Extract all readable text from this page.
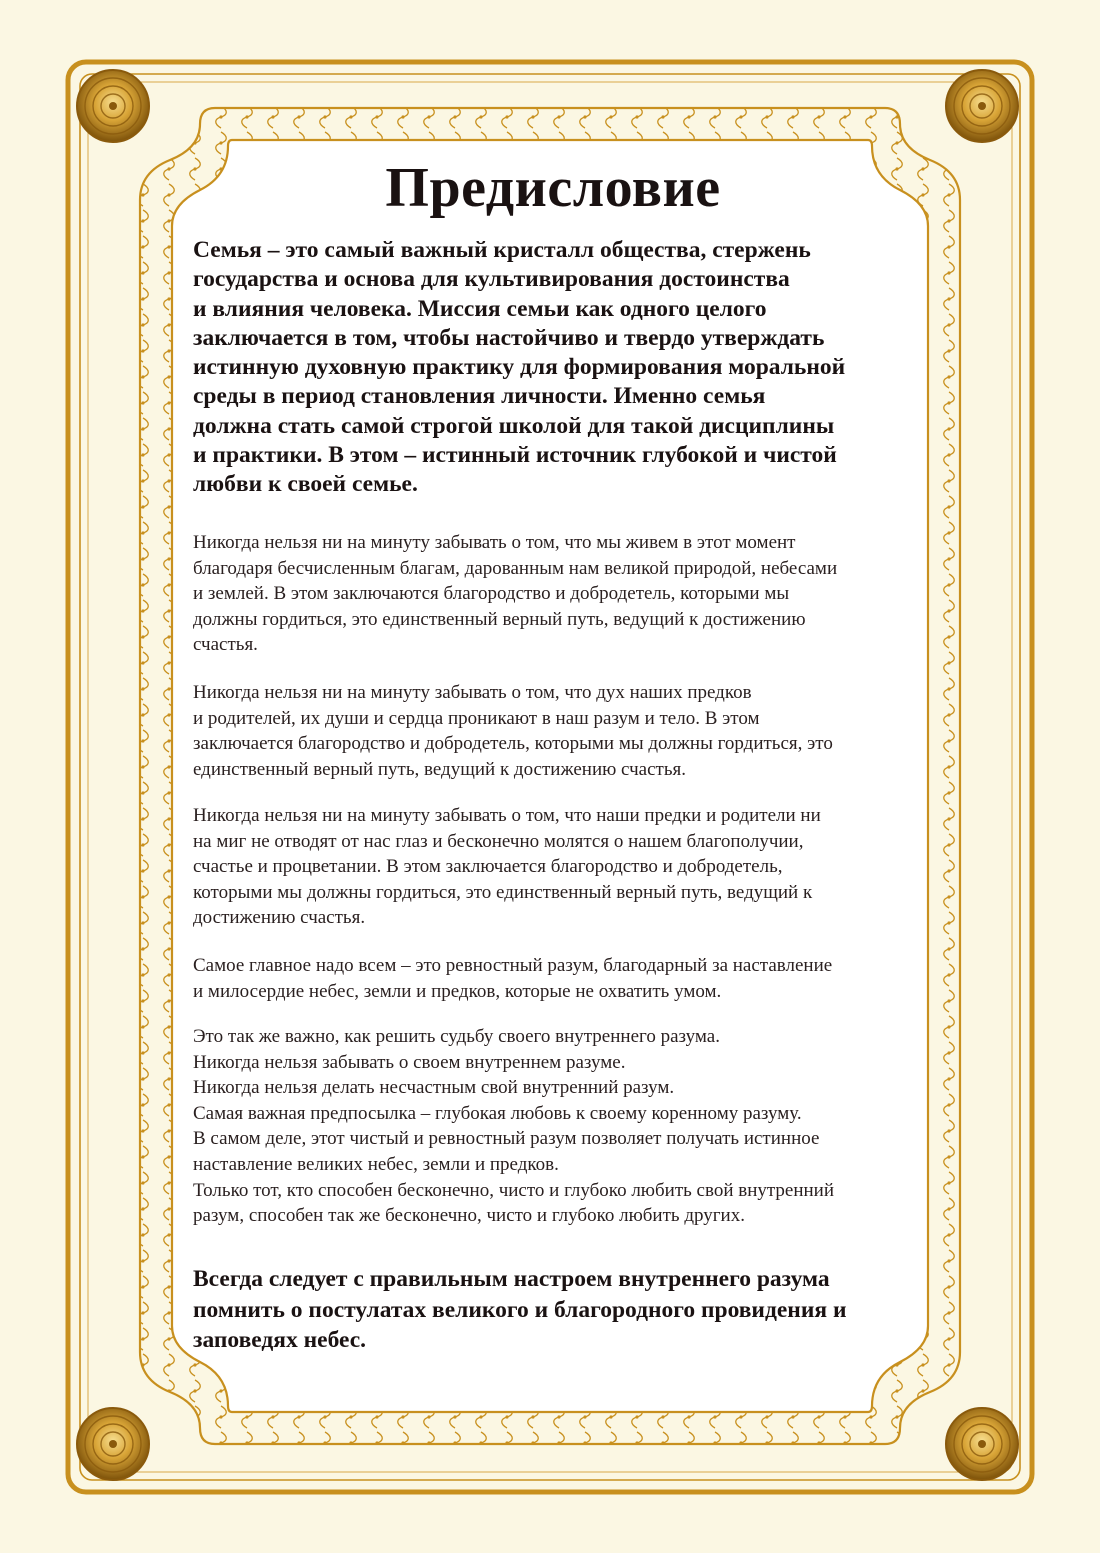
Предисловие

Семья – это самый важный кристалл общества, стержень
государства и основа для культивирования достоинства
и влияния человека. Миссия семьи как одного целого
заключается в том, чтобы настойчиво и твердо утверждать
истинную духовную практику для формирования моральной
среды в период становления личности. Именно семья
должна стать самой строгой школой для такой дисциплины
и практики. В этом – истинный источник глубокой и чистой
любви к своей семье.

Никогда нельзя ни на минуту забывать о том, что мы живем в этот момент
благодаря бесчисленным благам, дарованным нам великой природой, небесами
и землей. В этом заключаются благородство и добродетель, которыми мы
должны гордиться, это единственный верный путь, ведущий к достижению
счастья.

Никогда нельзя ни на минуту забывать о том, что дух наших предков
и родителей, их души и сердца проникают в наш разум и тело. В этом
заключается благородство и добродетель, которыми мы должны гордиться, это
единственный верный путь, ведущий к достижению счастья.

Никогда нельзя ни на минуту забывать о том, что наши предки и родители ни
на миг не отводят от нас глаз и бесконечно молятся о нашем благополучии,
счастье и процветании. В этом заключается благородство и добродетель,
которыми мы должны гордиться, это единственный верный путь, ведущий к
достижению счастья.

Самое главное надо всем – это ревностный разум, благодарный за наставление
и милосердие небес, земли и предков, которые не охватить умом.

Это так же важно, как решить судьбу своего внутреннего разума.
Никогда нельзя забывать о своем внутреннем разуме.
Никогда нельзя делать несчастным свой внутренний разум.
Самая важная предпосылка – глубокая любовь к своему коренному разуму.
В самом деле, этот чистый и ревностный разум позволяет получать истинное
наставление великих небес, земли и предков.
Только тот, кто способен бесконечно, чисто и глубоко любить свой внутренний
разум, способен так же бесконечно, чисто и глубоко любить других.

Всегда следует с правильным настроем внутреннего разума
помнить о постулатах великого и благородного провидения и
заповедях небес.
